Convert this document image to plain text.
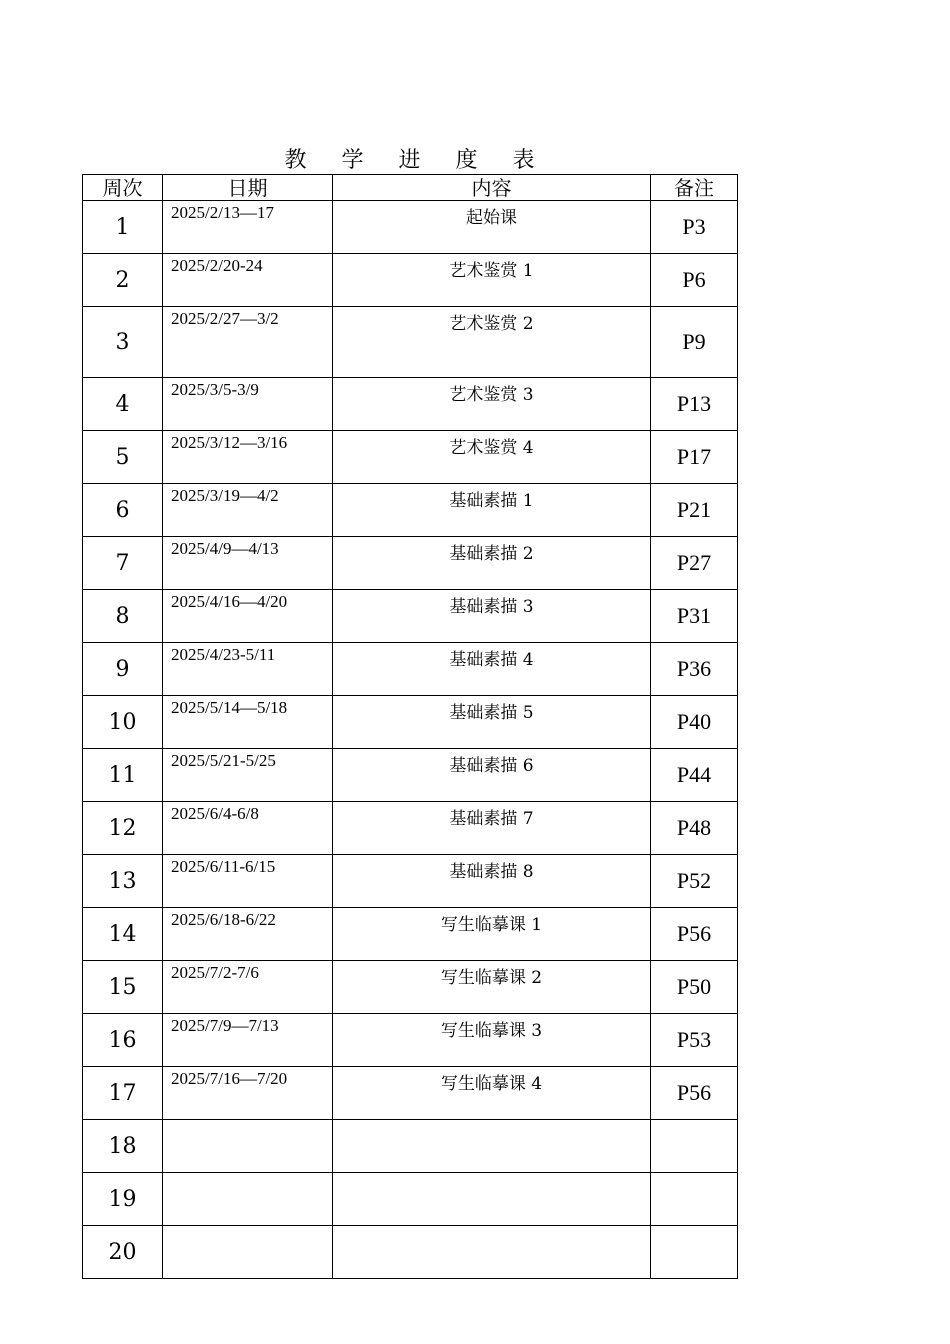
教 学 进 度 表
周次	日期	内容	备注
1	2025/2/13—17	起始课	P3
2	2025/2/20-24	艺术鉴赏 1	P6
3	2025/2/27—3/2	艺术鉴赏 2	P9
4	2025/3/5-3/9	艺术鉴赏 3	P13
5	2025/3/12—3/16	艺术鉴赏 4	P17
6	2025/3/19—4/2	基础素描 1	P21
7	2025/4/9—4/13	基础素描 2	P27
8	2025/4/16—4/20	基础素描 3	P31
9	2025/4/23-5/11	基础素描 4	P36
10	2025/5/14—5/18	基础素描 5	P40
11	2025/5/21-5/25	基础素描 6	P44
12	2025/6/4-6/8	基础素描 7	P48
13	2025/6/11-6/15	基础素描 8	P52
14	2025/6/18-6/22	写生临摹课 1	P56
15	2025/7/2-7/6	写生临摹课 2	P50
16	2025/7/9—7/13	写生临摹课 3	P53
17	2025/7/16—7/20	写生临摹课 4	P56
18			
19			
20			
